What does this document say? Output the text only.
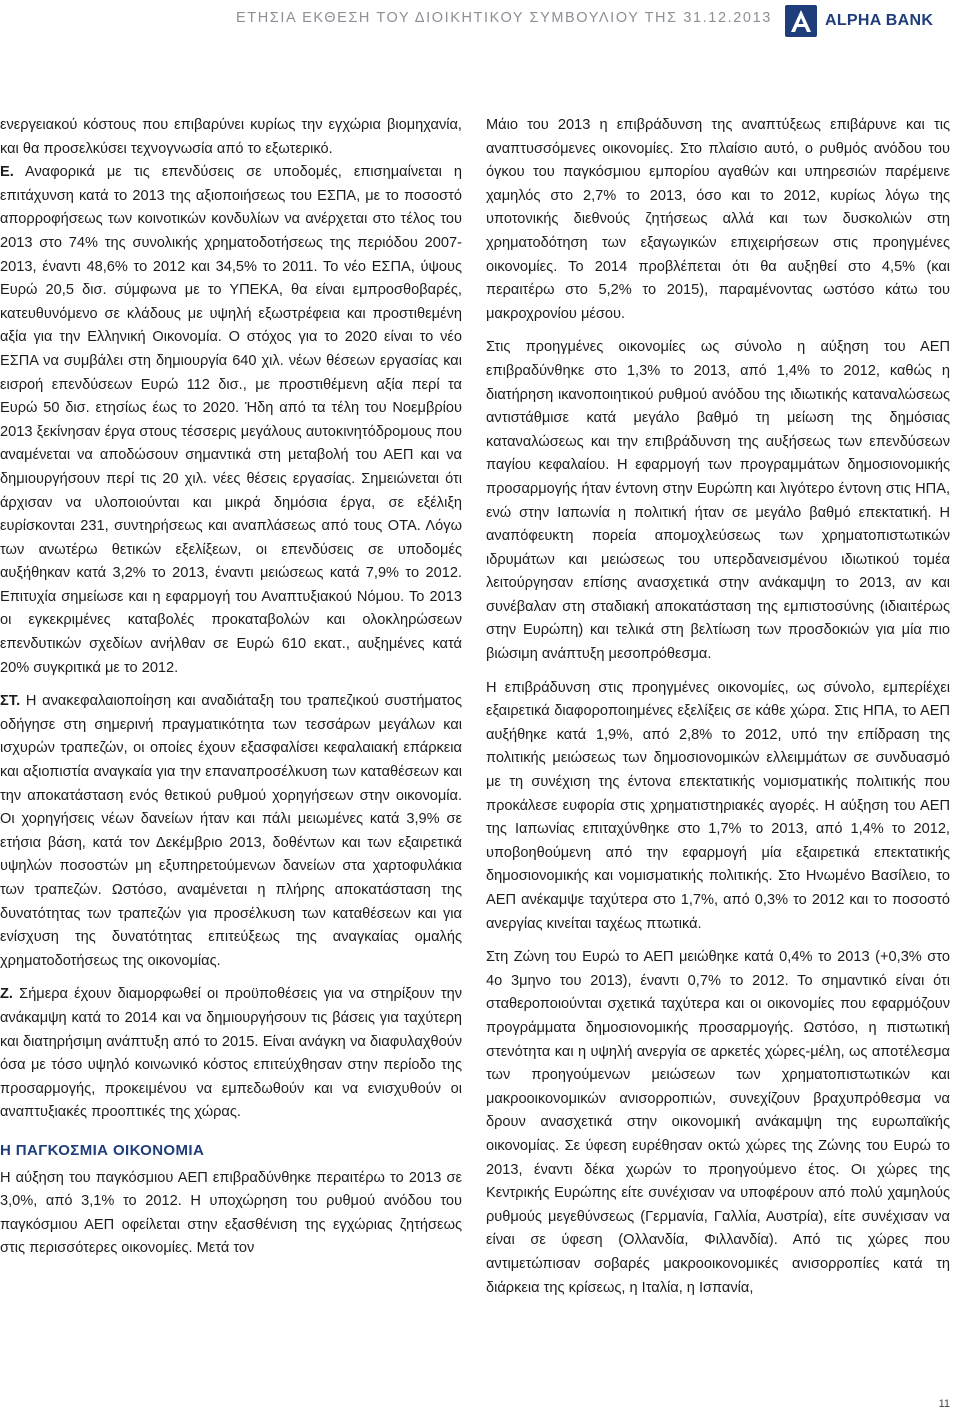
ΕΤΗΣΙΑ ΕΚΘΕΣΗ ΤΟΥ ΔΙΟΙΚΗΤΙΚΟΥ ΣΥΜΒΟΥΛΙΟΥ ΤΗΣ 31.12.2013	ALPHA BANK

ενεργειακού κόστους που επιβαρύνει κυρίως την εγχώρια βιομηχανία, και θα προσελκύσει τεχνογνωσία από το εξωτερικό.

Ε. Αναφορικά με τις επενδύσεις σε υποδομές, επισημαίνεται η επιτάχυνση κατά το 2013 της αξιοποιήσεως του ΕΣΠΑ, με το ποσοστό απορροφήσεως των κοινοτικών κονδυλίων να ανέρχεται στο τέλος του 2013 στο 74% της συνολικής χρηματοδοτήσεως της περιόδου 2007-2013, έναντι 48,6% το 2012 και 34,5% το 2011. Το νέο ΕΣΠΑ, ύψους Ευρώ 20,5 δισ. σύμφωνα με το ΥΠΕΚΑ, θα είναι εμπροσθοβαρές, κατευθυνόμενο σε κλάδους με υψηλή εξωστρέφεια και προστιθεμένη αξία για την Ελληνική Οικονομία. Ο στόχος για το 2020 είναι το νέο ΕΣΠΑ να συμβάλει στη δημιουργία 640 χιλ. νέων θέσεων εργασίας και εισροή επενδύσεων Ευρώ 112 δισ., με προστιθέμενη αξία περί τα Ευρώ 50 δισ. ετησίως έως το 2020. Ήδη από τα τέλη του Νοεμβρίου 2013 ξεκίνησαν έργα στους τέσσερις μεγάλους αυτοκινητόδρομους που αναμένεται να αποδώσουν σημαντικά στη μεταβολή του ΑΕΠ και να δημιουργήσουν περί τις 20 χιλ. νέες θέσεις εργασίας. Σημειώνεται ότι άρχισαν να υλοποιούνται και μικρά δημόσια έργα, σε εξέλιξη ευρίσκονται 231, συντηρήσεως και αναπλάσεως από τους ΟΤΑ. Λόγω των ανωτέρω θετικών εξελίξεων, οι επενδύσεις σε υποδομές αυξήθηκαν κατά 3,2% το 2013, έναντι μειώσεως κατά 7,9% το 2012. Επιτυχία σημείωσε και η εφαρμογή του Αναπτυξιακού Νόμου. Το 2013 οι εγκεκριμένες καταβολές προκαταβολών και ολοκληρώσεων επενδυτικών σχεδίων ανήλθαν σε Ευρώ 610 εκατ., αυξημένες κατά 20% συγκριτικά με το 2012.

ΣΤ. Η ανακεφαλαιοποίηση και αναδιάταξη του τραπεζικού συστήματος οδήγησε στη σημερινή πραγματικότητα των τεσσάρων μεγάλων και ισχυρών τραπεζών, οι οποίες έχουν εξασφαλίσει κεφαλαιακή επάρκεια και αξιοπιστία αναγκαία για την επαναπροσέλκυση των καταθέσεων και την αποκατάσταση ενός θετικού ρυθμού χορηγήσεων στην οικονομία. Οι χορηγήσεις νέων δανείων ήταν και πάλι μειωμένες κατά 3,9% σε ετήσια βάση, κατά τον Δεκέμβριο 2013, δοθέντων και των εξαιρετικά υψηλών ποσοστών μη εξυπηρετούμενων δανείων στα χαρτοφυλάκια των τραπεζών. Ωστόσο, αναμένεται η πλήρης αποκατάσταση της δυνατότητας των τραπεζών για προσέλκυση των καταθέσεων και για ενίσχυση της δυνατότητας επιτεύξεως της αναγκαίας ομαλής χρηματοδοτήσεως της οικονομίας.

Ζ. Σήμερα έχουν διαμορφωθεί οι προϋποθέσεις για να στηρίξουν την ανάκαμψη κατά το 2014 και να δημιουργήσουν τις βάσεις για ταχύτερη και διατηρήσιμη ανάπτυξη από το 2015. Είναι ανάγκη να διαφυλαχθούν όσα με τόσο υψηλό κοινωνικό κόστος επιτεύχθησαν στην περίοδο της προσαρμογής, προκειμένου να εμπεδωθούν και να ενισχυθούν οι αναπτυξιακές προοπτικές της χώρας.

Η ΠΑΓΚΟΣΜΙΑ ΟΙΚΟΝΟΜΙΑ

Η αύξηση του παγκόσμιου ΑΕΠ επιβραδύνθηκε περαιτέρω το 2013 σε 3,0%, από 3,1% το 2012. Η υποχώρηση του ρυθμού ανόδου του παγκόσμιου ΑΕΠ οφείλεται στην εξασθένιση της εγχώριας ζητήσεως στις περισσότερες οικονομίες. Μετά τον

Μάιο του 2013 η επιβράδυνση της αναπτύξεως επιβάρυνε και τις αναπτυσσόμενες οικονομίες. Στο πλαίσιο αυτό, ο ρυθμός ανόδου του όγκου του παγκόσμιου εμπορίου αγαθών και υπηρεσιών παρέμεινε χαμηλός στο 2,7% το 2013, όσο και το 2012, κυρίως λόγω της υποτονικής διεθνούς ζητήσεως αλλά και των δυσκολιών στη χρηματοδότηση των εξαγωγικών επιχειρήσεων στις προηγμένες οικονομίες. Το 2014 προβλέπεται ότι θα αυξηθεί στο 4,5% (και περαιτέρω στο 5,2% το 2015), παραμένοντας ωστόσο κάτω του μακροχρονίου μέσου.

Στις προηγμένες οικονομίες ως σύνολο η αύξηση του ΑΕΠ επιβραδύνθηκε στο 1,3% το 2013, από 1,4% το 2012, καθώς η διατήρηση ικανοποιητικού ρυθμού ανόδου της ιδιωτικής καταναλώσεως αντιστάθμισε κατά μεγάλο βαθμό τη μείωση της δημόσιας καταναλώσεως και την επιβράδυνση της αυξήσεως των επενδύσεων παγίου κεφαλαίου. Η εφαρμογή των προγραμμάτων δημοσιονομικής προσαρμογής ήταν έντονη στην Ευρώπη και λιγότερο έντονη στις ΗΠΑ, ενώ στην Ιαπωνία η πολιτική ήταν σε μεγάλο βαθμό επεκτατική. Η αναπόφευκτη πορεία απομοχλεύσεως των χρηματοπιστωτικών ιδρυμάτων και μειώσεως του υπερδανεισμένου ιδιωτικού τομέα λειτούργησαν επίσης ανασχετικά στην ανάκαμψη το 2013, αν και συνέβαλαν στη σταδιακή αποκατάσταση της εμπιστοσύνης (ιδιαιτέρως στην Ευρώπη) και τελικά στη βελτίωση των προσδοκιών για μία πιο βιώσιμη ανάπτυξη μεσοπρόθεσμα.

Η επιβράδυνση στις προηγμένες οικονομίες, ως σύνολο, εμπερίέχει εξαιρετικά διαφοροποιημένες εξελίξεις σε κάθε χώρα. Στις ΗΠΑ, το ΑΕΠ αυξήθηκε κατά 1,9%, από 2,8% το 2012, υπό την επίδραση της πολιτικής μειώσεως των δημοσιονομικών ελλειμμάτων σε συνδυασμό με τη συνέχιση της έντονα επεκτατικής νομισματικής πολιτικής που προκάλεσε ευφορία στις χρηματιστηριακές αγορές. Η αύξηση του ΑΕΠ της Ιαπωνίας επιταχύνθηκε στο 1,7% το 2013, από 1,4% το 2012, υποβοηθούμενη από την εφαρμογή μία εξαιρετικά επεκτατικής δημοσιονομικής και νομισματικής πολιτικής. Στο Ηνωμένο Βασίλειο, το ΑΕΠ ανέκαμψε ταχύτερα στο 1,7%, από 0,3% το 2012 και το ποσοστό ανεργίας κινείται ταχέως πτωτικά.

Στη Ζώνη του Ευρώ το ΑΕΠ μειώθηκε κατά 0,4% το 2013 (+0,3% στο 4ο 3μηνο του 2013), έναντι 0,7% το 2012. Το σημαντικό είναι ότι σταθεροποιούνται σχετικά ταχύτερα και οι οικονομίες που εφαρμόζουν προγράμματα δημοσιονομικής προσαρμογής. Ωστόσο, η πιστωτική στενότητα και η υψηλή ανεργία σε αρκετές χώρες-μέλη, ως αποτέλεσμα των προηγούμενων μειώσεων των χρηματοπιστωτικών και μακροοικονομικών ανισορροπιών, συνεχίζουν βραχυπρόθεσμα να δρουν ανασχετικά στην οικονομική ανάκαμψη της ευρωπαϊκής οικονομίας. Σε ύφεση ευρέθησαν οκτώ χώρες της Ζώνης του Ευρώ το 2013, έναντι δέκα χωρών το προηγούμενο έτος. Οι χώρες της Κεντρικής Ευρώπης είτε συνέχισαν να υποφέρουν από πολύ χαμηλούς ρυθμούς μεγεθύνσεως (Γερμανία, Γαλλία, Αυστρία), είτε συνέχισαν να είναι σε ύφεση (Ολλανδία, Φιλλανδία). Από τις χώρες που αντιμετώπισαν σοβαρές μακροοικονομικές ανισορροπίες κατά τη διάρκεια της κρίσεως, η Ιταλία, η Ισπανία,

11
